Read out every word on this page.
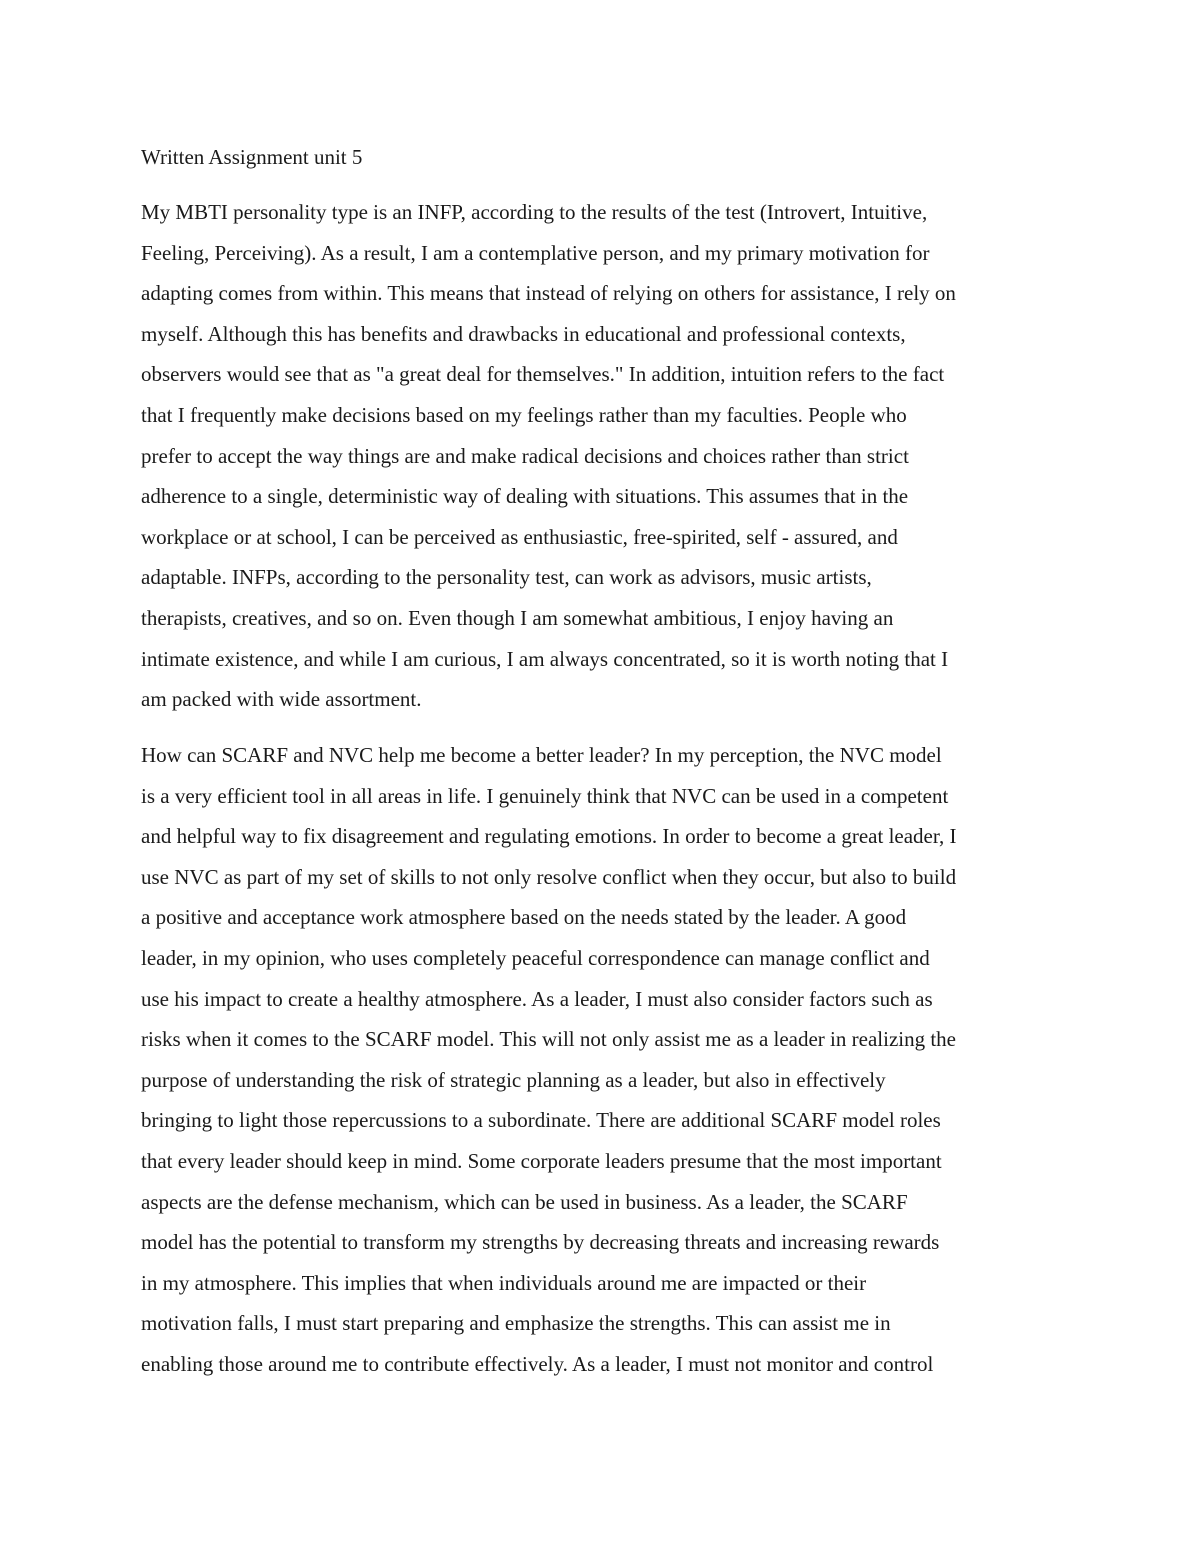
Written Assignment unit 5

My MBTI personality type is an INFP, according to the results of the test (Introvert, Intuitive,
Feeling, Perceiving). As a result, I am a contemplative person, and my primary motivation for
adapting comes from within. This means that instead of relying on others for assistance, I rely on
myself. Although this has benefits and drawbacks in educational and professional contexts,
observers would see that as "a great deal for themselves." In addition, intuition refers to the fact
that I frequently make decisions based on my feelings rather than my faculties. People who
prefer to accept the way things are and make radical decisions and choices rather than strict
adherence to a single, deterministic way of dealing with situations. This assumes that in the
workplace or at school, I can be perceived as enthusiastic, free-spirited, self - assured, and
adaptable. INFPs, according to the personality test, can work as advisors, music artists,
therapists, creatives, and so on. Even though I am somewhat ambitious, I enjoy having an
intimate existence, and while I am curious, I am always concentrated, so it is worth noting that I
am packed with wide assortment.
How can SCARF and NVC help me become a better leader? In my perception, the NVC model
is a very efficient tool in all areas in life. I genuinely think that NVC can be used in a competent
and helpful way to fix disagreement and regulating emotions. In order to become a great leader, I
use NVC as part of my set of skills to not only resolve conflict when they occur, but also to build
a positive and acceptance work atmosphere based on the needs stated by the leader. A good
leader, in my opinion, who uses completely peaceful correspondence can manage conflict and
use his impact to create a healthy atmosphere. As a leader, I must also consider factors such as
risks when it comes to the SCARF model. This will not only assist me as a leader in realizing the
purpose of understanding the risk of strategic planning as a leader, but also in effectively
bringing to light those repercussions to a subordinate. There are additional SCARF model roles
that every leader should keep in mind. Some corporate leaders presume that the most important
aspects are the defense mechanism, which can be used in business. As a leader, the SCARF
model has the potential to transform my strengths by decreasing threats and increasing rewards
in my atmosphere. This implies that when individuals around me are impacted or their
motivation falls, I must start preparing and emphasize the strengths. This can assist me in
enabling those around me to contribute effectively. As a leader, I must not monitor and control
